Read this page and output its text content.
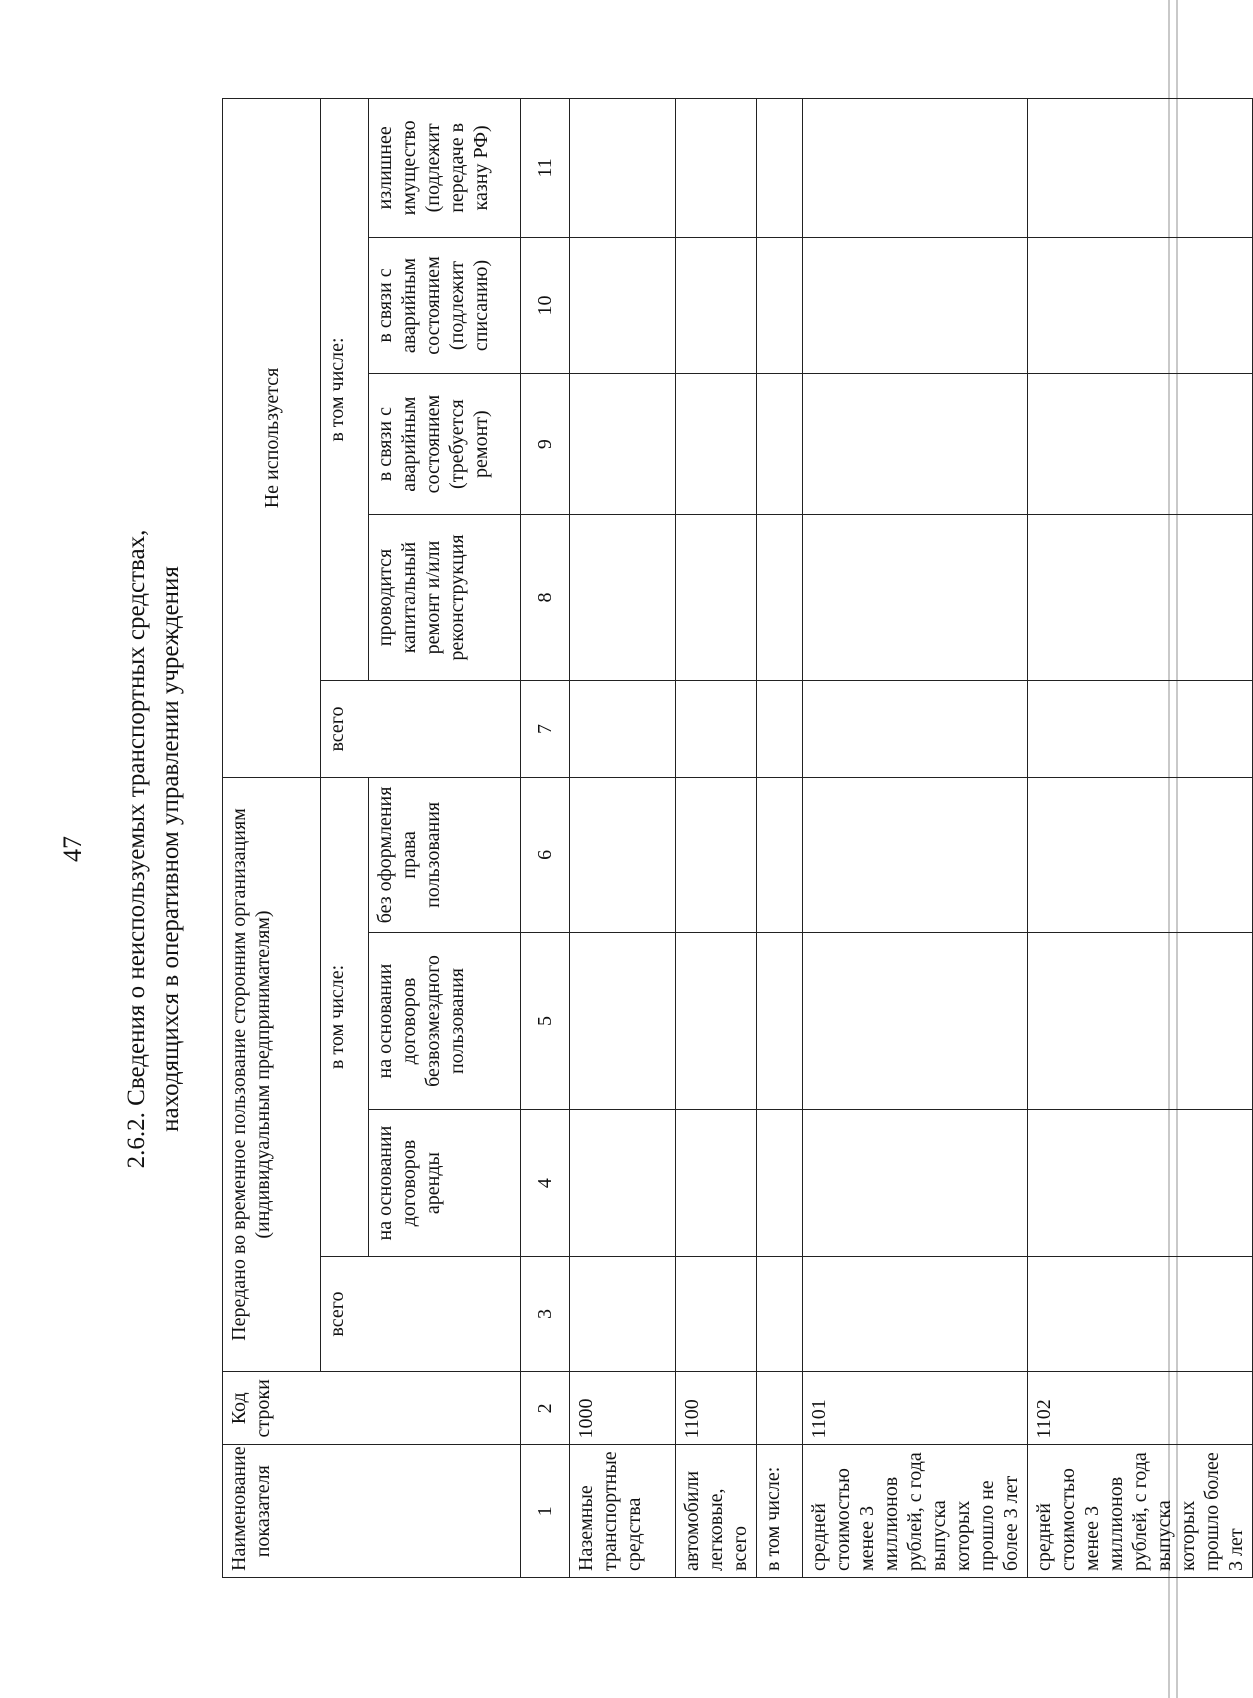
47 2.6.2. Сведения о неиспользуемых транспортных средствах, находящихся в оперативном управлении учреждения
Наименование показателя	Код строки	Передано во временное пользование сторонним организациям (индивидуальным предпринимателям)				Не используется				
		всего	в том числе:			всего	в том числе:			
			на основании договоров аренды	на основании договоров безвозмездного пользования	без оформления права пользования		проводится капитальный ремонт и/или реконструкция	в связи с аварийным состоянием (требуется ремонт)	в связи с аварийным состоянием (подлежит списанию)	излишнее имущество (подлежит передаче в казну РФ)
1	2	3	4	5	6	7	8	9	10	11
Наземные транспортные средства	1000									
автомобили легковые, всего	1100									
в том числе:										
средней стоимостью менее 3 миллионов рублей, с года выпуска которых прошло не более 3 лет	1101									
средней стоимостью менее 3 миллионов рублей, с года выпуска которых прошло более 3 лет	1102									
